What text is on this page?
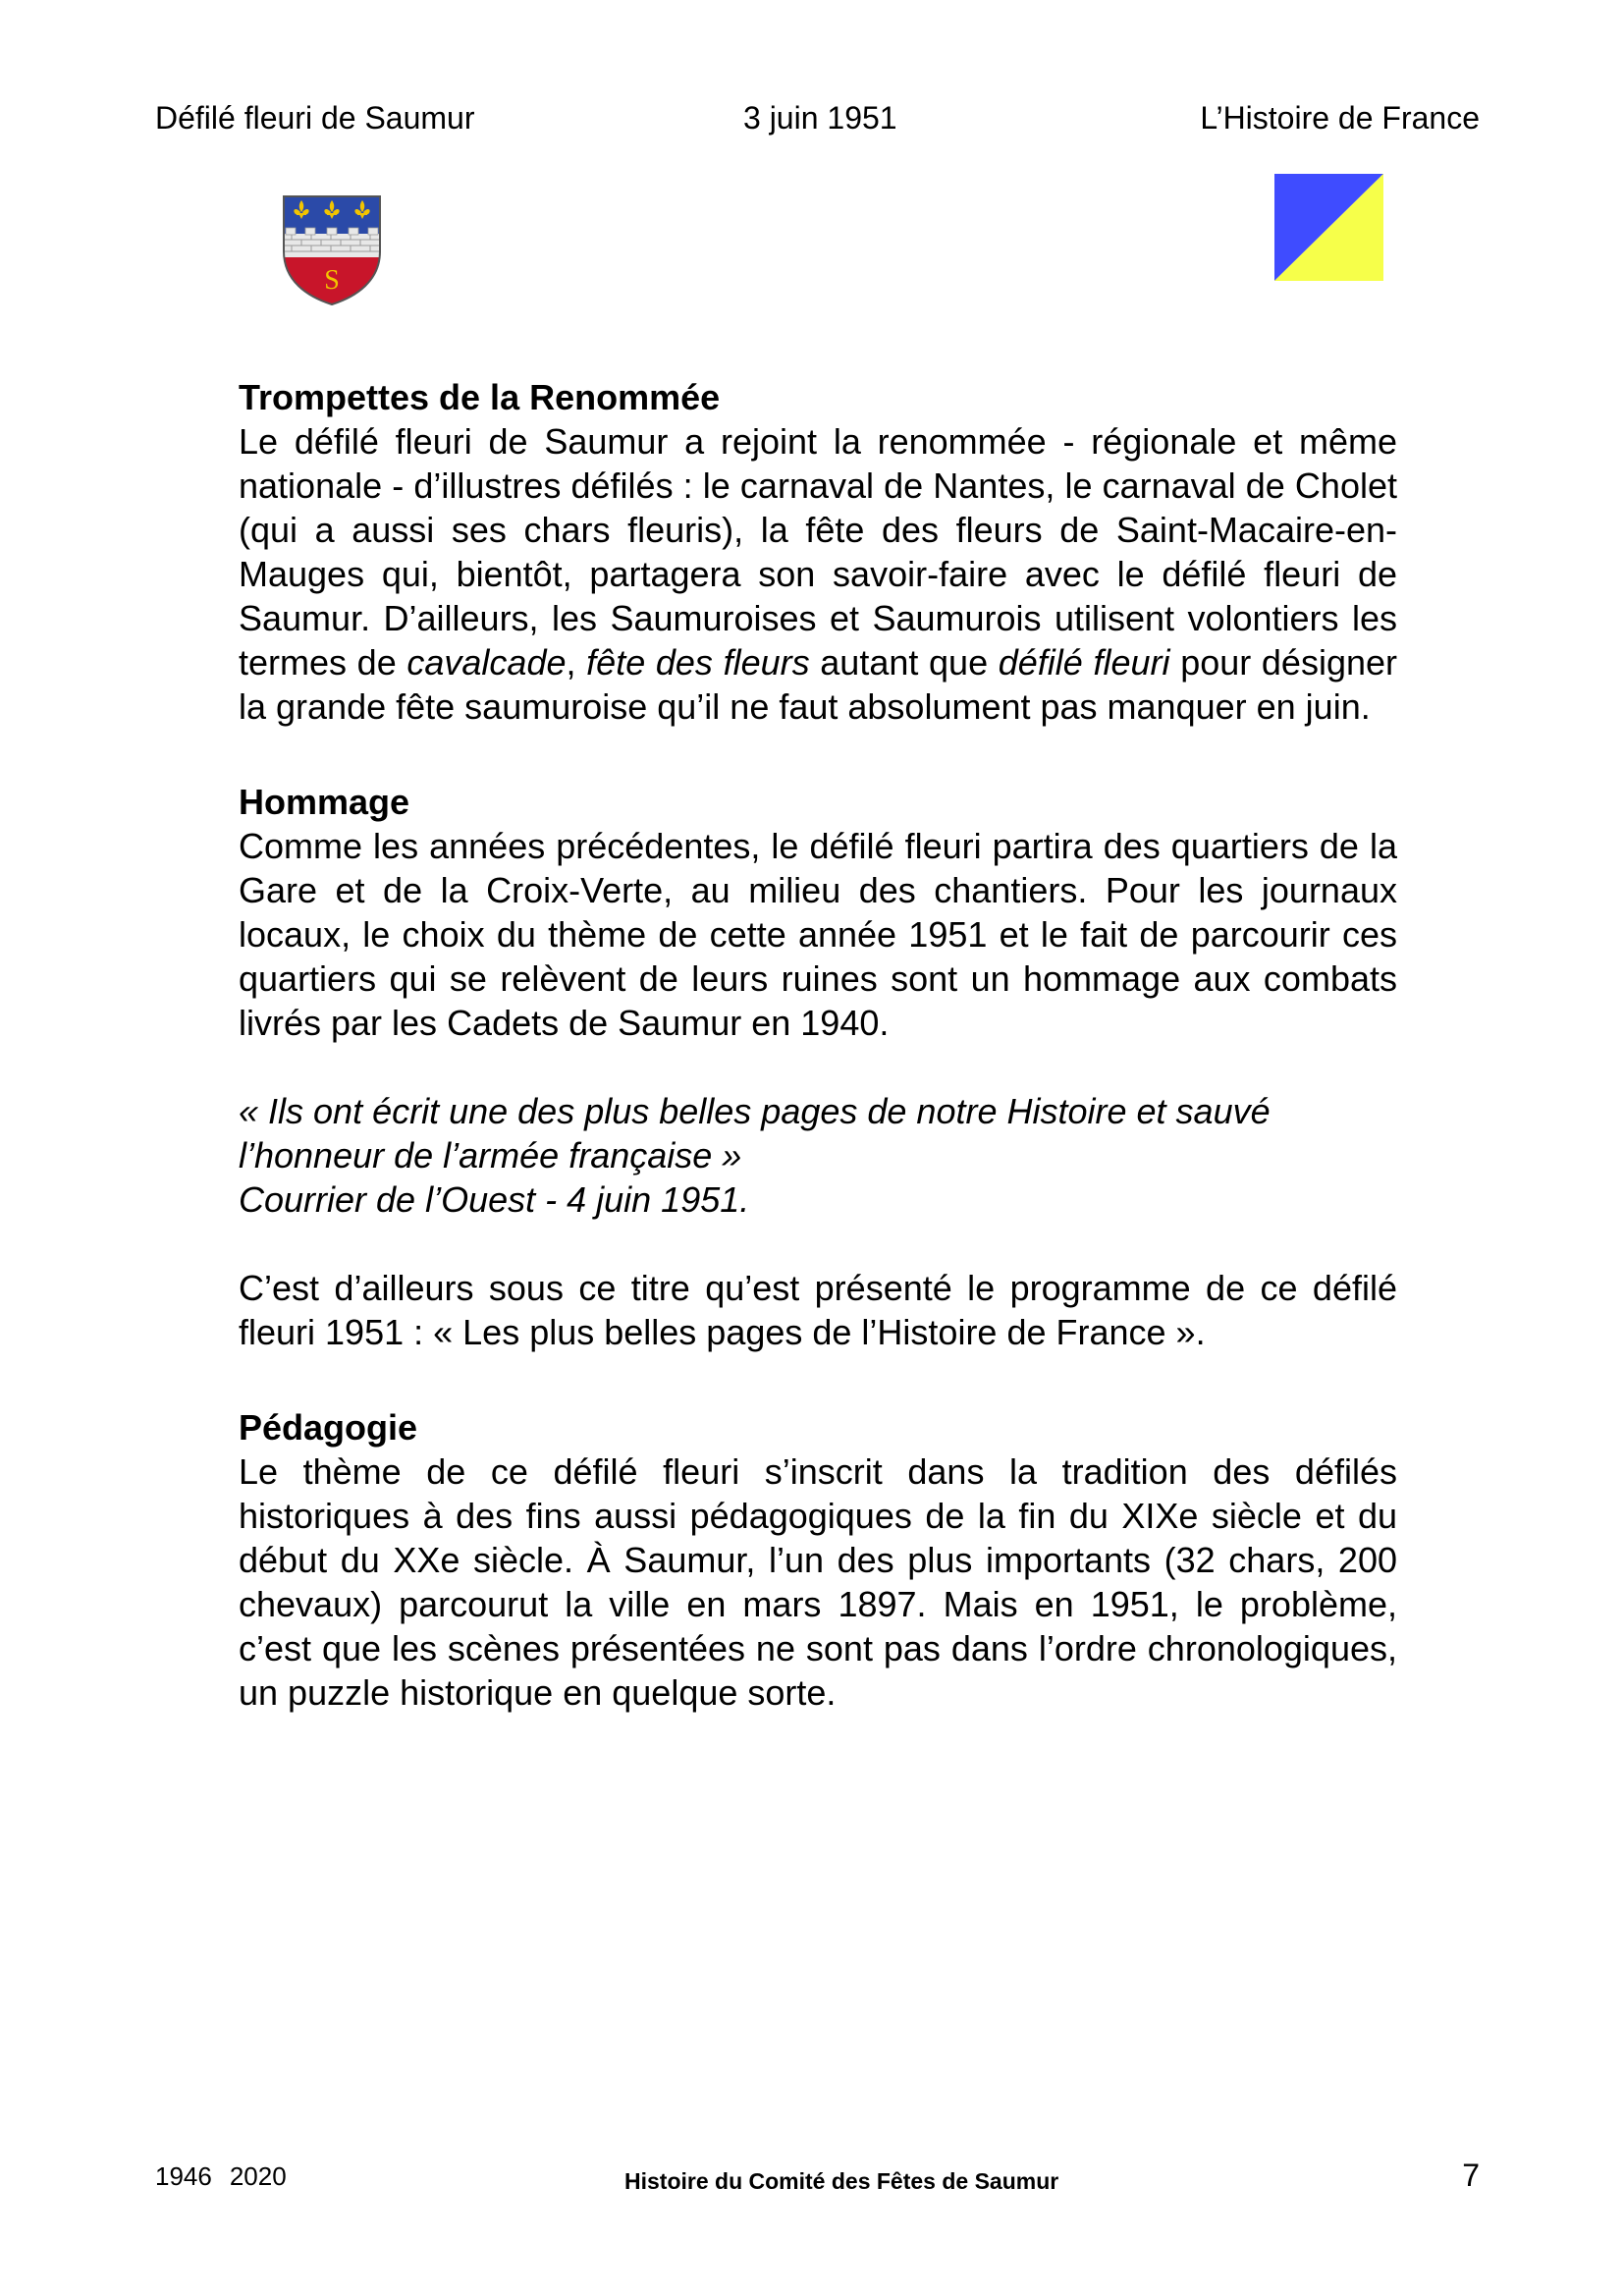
Défilé fleuri de Saumur	3 juin 1951	L’Histoire de France
S

Trompettes de la Renommée

Le défilé fleuri de Saumur a rejoint la renommée - régionale et même nationale - d’illustres défilés : le carnaval de Nantes, le carnaval de Cholet (qui a aussi ses chars fleuris), la fête des fleurs de Saint-Macaire-en-Mauges qui, bientôt, partagera son savoir-faire avec le défilé fleuri de Saumur. D’ailleurs, les Saumuroises et Saumurois utilisent volontiers les termes de cavalcade, fête des fleurs autant que défilé fleuri pour désigner la grande fête saumuroise qu’il ne faut absolument pas manquer en juin.

Hommage

Comme les années précédentes, le défilé fleuri partira des quartiers de la Gare et de la Croix-Verte, au milieu des chantiers. Pour les journaux locaux, le choix du thème de cette année 1951 et le fait de parcourir ces quartiers qui se relèvent de leurs ruines sont un hommage aux combats livrés par les Cadets de Saumur en 1940.

« Ils ont écrit une des plus belles pages de notre Histoire et sauvé l’honneur de l’armée française »

Courrier de l’Ouest - 4 juin 1951.

C’est d’ailleurs sous ce titre qu’est présenté le programme de ce défilé fleuri 1951 : « Les plus belles pages de l’Histoire de France ».

Pédagogie

Le thème de ce défilé fleuri s’inscrit dans la tradition des défilés historiques à des fins aussi pédagogiques de la fin du XIXe siècle et du début du XXe siècle. À Saumur, l’un des plus importants (32 chars, 200 chevaux) parcourut la ville en mars 1897. Mais en 1951, le problème, c’est que les scènes présentées ne sont pas dans l’ordre chronologiques, un puzzle historique en quelque sorte.

1946 2020	Histoire du Comité des Fêtes de Saumur	7
